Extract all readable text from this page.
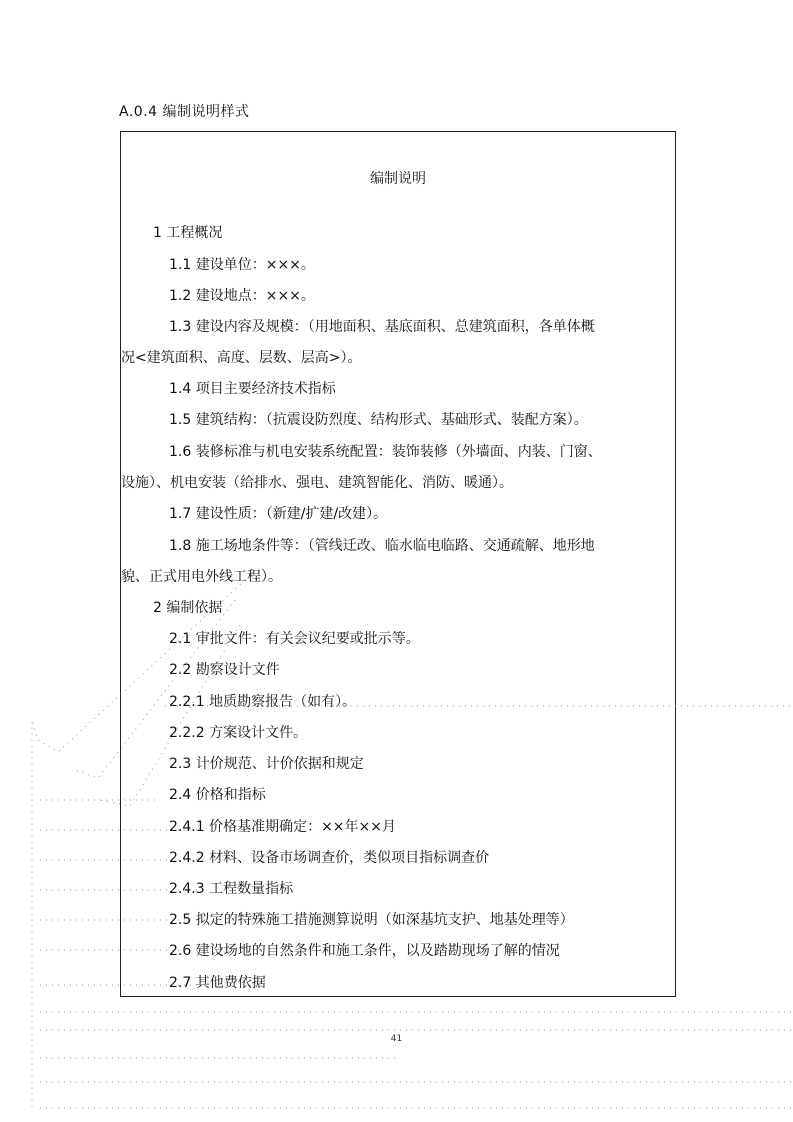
A.0.4 编制说明样式
编制说明
1 工程概况
1.1 建设单位：×××。
1.2 建设地点：×××。
1.3 建设内容及规模：（用地面积、基底面积、总建筑面积，各单体概
况<建筑面积、高度、层数、层高>）。
1.4 项目主要经济技术指标
1.5 建筑结构：（抗震设防烈度、结构形式、基础形式、装配方案）。
1.6 装修标准与机电安装系统配置：装饰装修（外墙面、内装、门窗、
设施）、机电安装（给排水、强电、建筑智能化、消防、暖通）。
1.7 建设性质：（新建/扩建/改建）。
1.8 施工场地条件等：（管线迁改、临水临电临路、交通疏解、地形地
貌、正式用电外线工程）。
2 编制依据
2.1 审批文件：有关会议纪要或批示等。
2.2 勘察设计文件
2.2.1 地质勘察报告（如有）。
2.2.2 方案设计文件。
2.3 计价规范、计价依据和规定
2.4 价格和指标
2.4.1 价格基准期确定：××年××月
2.4.2 材料、设备市场调查价，类似项目指标调查价
2.4.3 工程数量指标
2.5 拟定的特殊施工措施测算说明（如深基坑支护、地基处理等）
2.6 建设场地的自然条件和施工条件，以及踏勘现场了解的情况
2.7 其他费依据
41
